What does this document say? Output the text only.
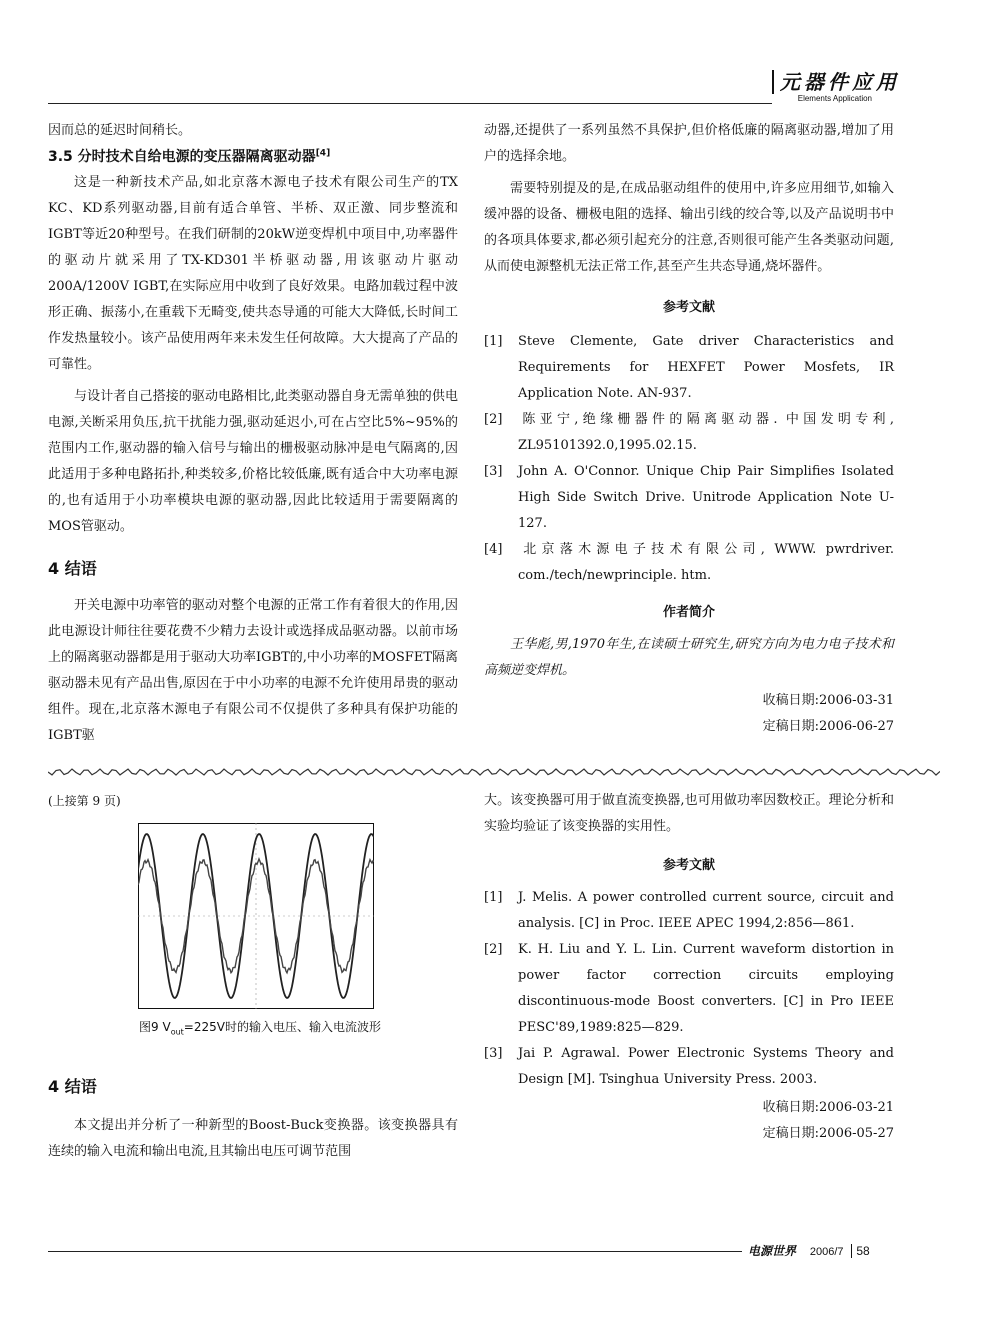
元器件应用
Elements Application

因而总的延迟时间稍长。

3.5 分时技术自给电源的变压器隔离驱动器[4]

这是一种新技术产品,如北京落木源电子技术有限公司生产的TX KC、KD系列驱动器,目前有适合单管、半桥、双正激、同步整流和IGBT等近20种型号。在我们研制的20kW逆变焊机中项目中,功率器件的驱动片就采用了TX-KD301半桥驱动器,用该驱动片驱动200A/1200V IGBT,在实际应用中收到了良好效果。电路加载过程中波形正确、振荡小,在重载下无畸变,使共态导通的可能大大降低,长时间工作发热量较小。该产品使用两年来未发生任何故障。大大提高了产品的可靠性。

与设计者自己搭接的驱动电路相比,此类驱动器自身无需单独的供电电源,关断采用负压,抗干扰能力强,驱动延迟小,可在占空比5%~95%的范围内工作,驱动器的输入信号与输出的栅极驱动脉冲是电气隔离的,因此适用于多种电路拓扑,种类较多,价格比较低廉,既有适合中大功率电源的,也有适用于小功率模块电源的驱动器,因此比较适用于需要隔离的MOS管驱动。

4 结语

开关电源中功率管的驱动对整个电源的正常工作有着很大的作用,因此电源设计师往往要花费不少精力去设计或选择成品驱动器。以前市场上的隔离驱动器都是用于驱动大功率IGBT的,中小功率的MOSFET隔离驱动器未见有产品出售,原因在于中小功率的电源不允许使用昂贵的驱动组件。现在,北京落木源电子有限公司不仅提供了多种具有保护功能的IGBT驱

动器,还提供了一系列虽然不具保护,但价格低廉的隔离驱动器,增加了用户的选择余地。

需要特别提及的是,在成品驱动组件的使用中,许多应用细节,如输入缓冲器的设备、栅极电阻的选择、输出引线的绞合等,以及产品说明书中的各项具体要求,都必须引起充分的注意,否则很可能产生各类驱动问题,从而使电源整机无法正常工作,甚至产生共态导通,烧坏器件。

参考文献

[1] Steve Clemente, Gate driver Characteristics and Requirements for HEXFET Power Mosfets, IR Application Note. AN-937.

[2] 陈亚宁,绝缘栅器件的隔离驱动器. 中国发明专利, ZL95101392.0,1995.02.15.

[3] John A. O'Connor. Unique Chip Pair Simplifies Isolated High Side Switch Drive. Unitrode Application Note U-127.

[4] 北京落木源电子技术有限公司, WWW. pwrdriver. com./tech/newprinciple. htm.

作者简介

王华彪,男,1970年生,在读硕士研究生,研究方向为电力电子技术和高频逆变焊机。

收稿日期:2006-03-31

定稿日期:2006-06-27

(上接第 9 页)

图9 $V_{out}=225V$时的输入电压、输入电流波形

4 结语

本文提出并分析了一种新型的Boost-Buck变换器。该变换器具有连续的输入电流和输出电流,且其输出电压可调节范围

大。该变换器可用于做直流变换器,也可用做功率因数校正。理论分析和实验均验证了该变换器的实用性。

参考文献

[1] J. Melis. A power controlled current source, circuit and analysis. [C] in Proc. IEEE APEC 1994,2:856—861.

[2] K. H. Liu and Y. L. Lin. Current waveform distortion in power factor correction circuits employing discontinuous-mode Boost converters. [C] in Pro IEEE PESC'89,1989:825—829.

[3] Jai P. Agrawal. Power Electronic Systems Theory and Design [M]. Tsinghua University Press. 2003.

收稿日期:2006-03-21

定稿日期:2006-05-27

电源世界 2006/7 58
